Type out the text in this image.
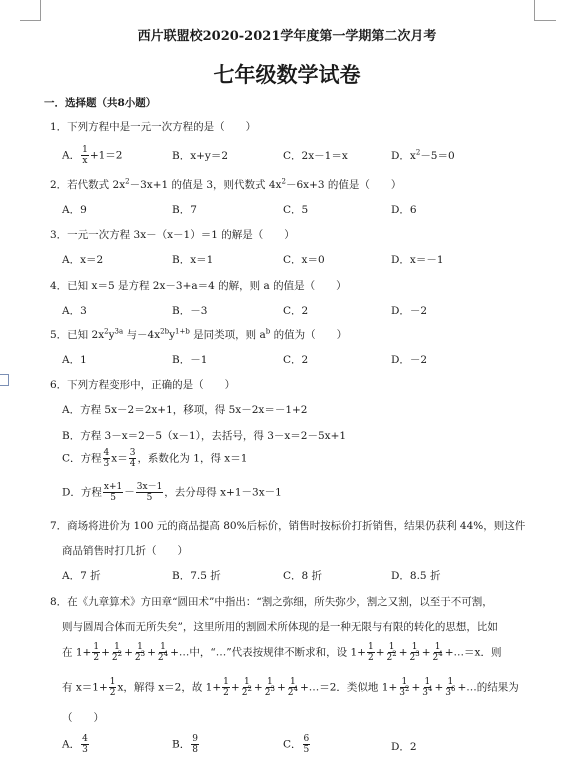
西片联盟校2020-2021学年度第一学期第二次月考
七年级数学试卷
一．选择题（共8小题）
1．下列方程中是一元一次方程的是（　　）
A． $\frac{1}{x} +1=2$	B．x+y＝2	C．2x－1＝x	D．$x^2-5=0$
2．若代数式 $2x^2-3x+1$ 的值是 3，则代数式 $4x^2-6x+3$ 的值是（　　）
A．9	B．7	C．5	D．6
3．一元一次方程 3x－（x－1）＝1 的解是（　　）
A．x＝2	B．x＝1	C．x＝0	D．x＝－1
4．已知 x＝5 是方程 2x－3+a＝4 的解，则 a 的值是（　　）
A．3	B．－3	C．2	D．－2
5．已知 $2x^2y^{3a}$ 与$-4x^{2b}y^{1+b}$ 是同类项，则 $a^b$ 的值为（　　）
A．1	B．－1	C．2	D．－2
6．下列方程变形中，正确的是（　　）
A．方程 5x－2＝2x+1，移项，得 5x－2x＝－1+2
B．方程 3－x＝2－5（x－1），去括号，得 3－x＝2－5x+1
C．方程 $\frac{4}{3} x= \frac{3}{4}$ ，系数化为 1，得 x＝1
D．方程 $\frac{x+1}{5} - \frac{3x-1}{5}$ ，去分母得 x+1－3x－1
7．商场将进价为 100 元的商品提高 80%后标价，销售时按标价打折销售，结果仍获利 44%，则这件
商品销售时打几折（　　）
A．7 折	B．7.5 折	C．8 折	D．8.5 折
8．在《九章算术》方田章“圆田术”中指出：“割之弥细，所失弥少，割之又割，以至于不可割，
则与圆周合体而无所失矣”，这里所用的割圆术所体现的是一种无限与有限的转化的思想，比如
在 $1+ \frac{1}{2} + \frac{1}{2^2} + \frac{1}{2^3} + \frac{1}{2^4}$ +…中，“…”代表按规律不断求和，设 $1+ \frac{1}{2} + \frac{1}{2^2} + \frac{1}{2^3} + \frac{1}{2^4}$ +…＝x．则
有 $x=1+ \frac{1}{2}$ x，解得 x＝2，故 $1+ \frac{1}{2} + \frac{1}{2^2} + \frac{1}{2^3} + \frac{1}{2^4}$ +…＝2．类似地 $1+ \frac{1}{3^2} + \frac{1}{3^4} + \frac{1}{3^6}$ +…的结果为
（　　）
A． $\frac{4}{3}$	B． $\frac{9}{8}$	C． $\frac{6}{5}$	D．2
